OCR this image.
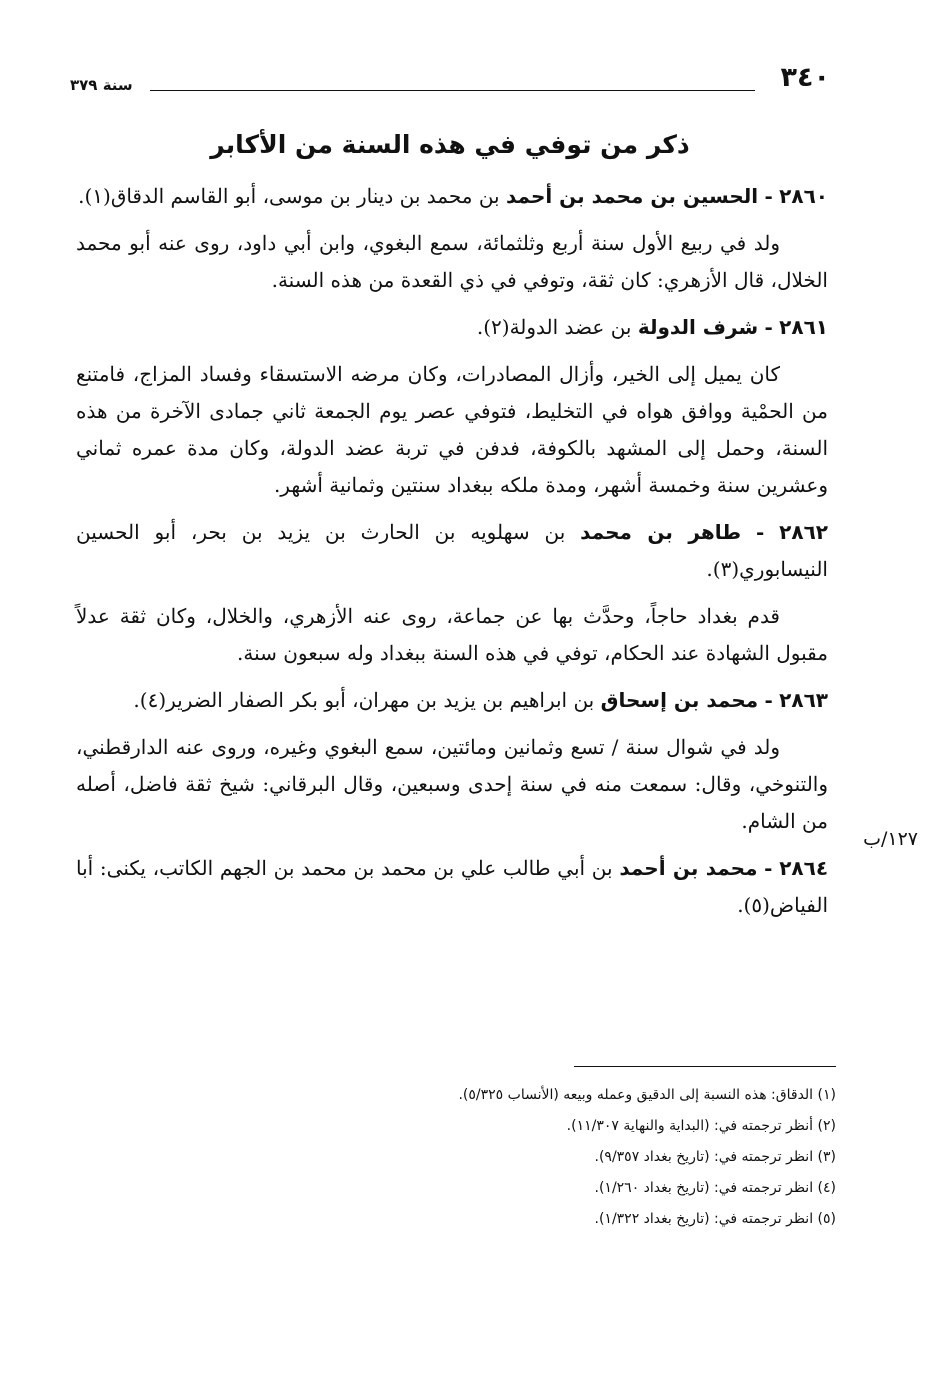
٣٤٠
سنة ٣٧٩
ذكر من توفي في هذه السنة من الأكابر
١٢٧/ب

٢٨٦٠ - الحسين بن محمد بن أحمد بن محمد بن دينار بن موسى، أبو القاسم الدقاق(١).

ولد في ربيع الأول سنة أربع وثلثمائة، سمع البغوي، وابن أبي داود، روى عنه أبو محمد الخلال، قال الأزهري: كان ثقة، وتوفي في ذي القعدة من هذه السنة.

٢٨٦١ - شرف الدولة بن عضد الدولة(٢).

كان يميل إلى الخير، وأزال المصادرات، وكان مرضه الاستسقاء وفساد المزاج، فامتنع من الحمْية ووافق هواه في التخليط، فتوفي عصر يوم الجمعة ثاني جمادى الآخرة من هذه السنة، وحمل إلى المشهد بالكوفة، فدفن في تربة عضد الدولة، وكان مدة عمره ثماني وعشرين سنة وخمسة أشهر، ومدة ملكه ببغداد سنتين وثمانية أشهر.

٢٨٦٢ - طاهر بن محمد بن سهلويه بن الحارث بن يزيد بن بحر، أبو الحسين النيسابوري(٣).

قدم بغداد حاجاً، وحدَّث بها عن جماعة، روى عنه الأزهري، والخلال، وكان ثقة عدلاً مقبول الشهادة عند الحكام، توفي في هذه السنة ببغداد وله سبعون سنة.

٢٨٦٣ - محمد بن إسحاق بن ابراهيم بن يزيد بن مهران، أبو بكر الصفار الضرير(٤).

ولد في شوال سنة / تسع وثمانين ومائتين، سمع البغوي وغيره، وروى عنه الدارقطني، والتنوخي، وقال: سمعت منه في سنة إحدى وسبعين، وقال البرقاني: شيخ ثقة فاضل، أصله من الشام.

٢٨٦٤ - محمد بن أحمد بن أبي طالب علي بن محمد بن محمد بن الجهم الكاتب، يكنى: أبا الفياض(٥).

(١) الدقاق: هذه النسبة إلى الدقيق وعمله وبيعه (الأنساب ٥/٣٢٥).
(٢) أنظر ترجمته في: (البداية والنهاية ١١/٣٠٧).
(٣) انظر ترجمته في: (تاريخ بغداد ٩/٣٥٧).
(٤) انظر ترجمته في: (تاريخ بغداد ١/٢٦٠).
(٥) انظر ترجمته في: (تاريخ بغداد ١/٣٢٢).
